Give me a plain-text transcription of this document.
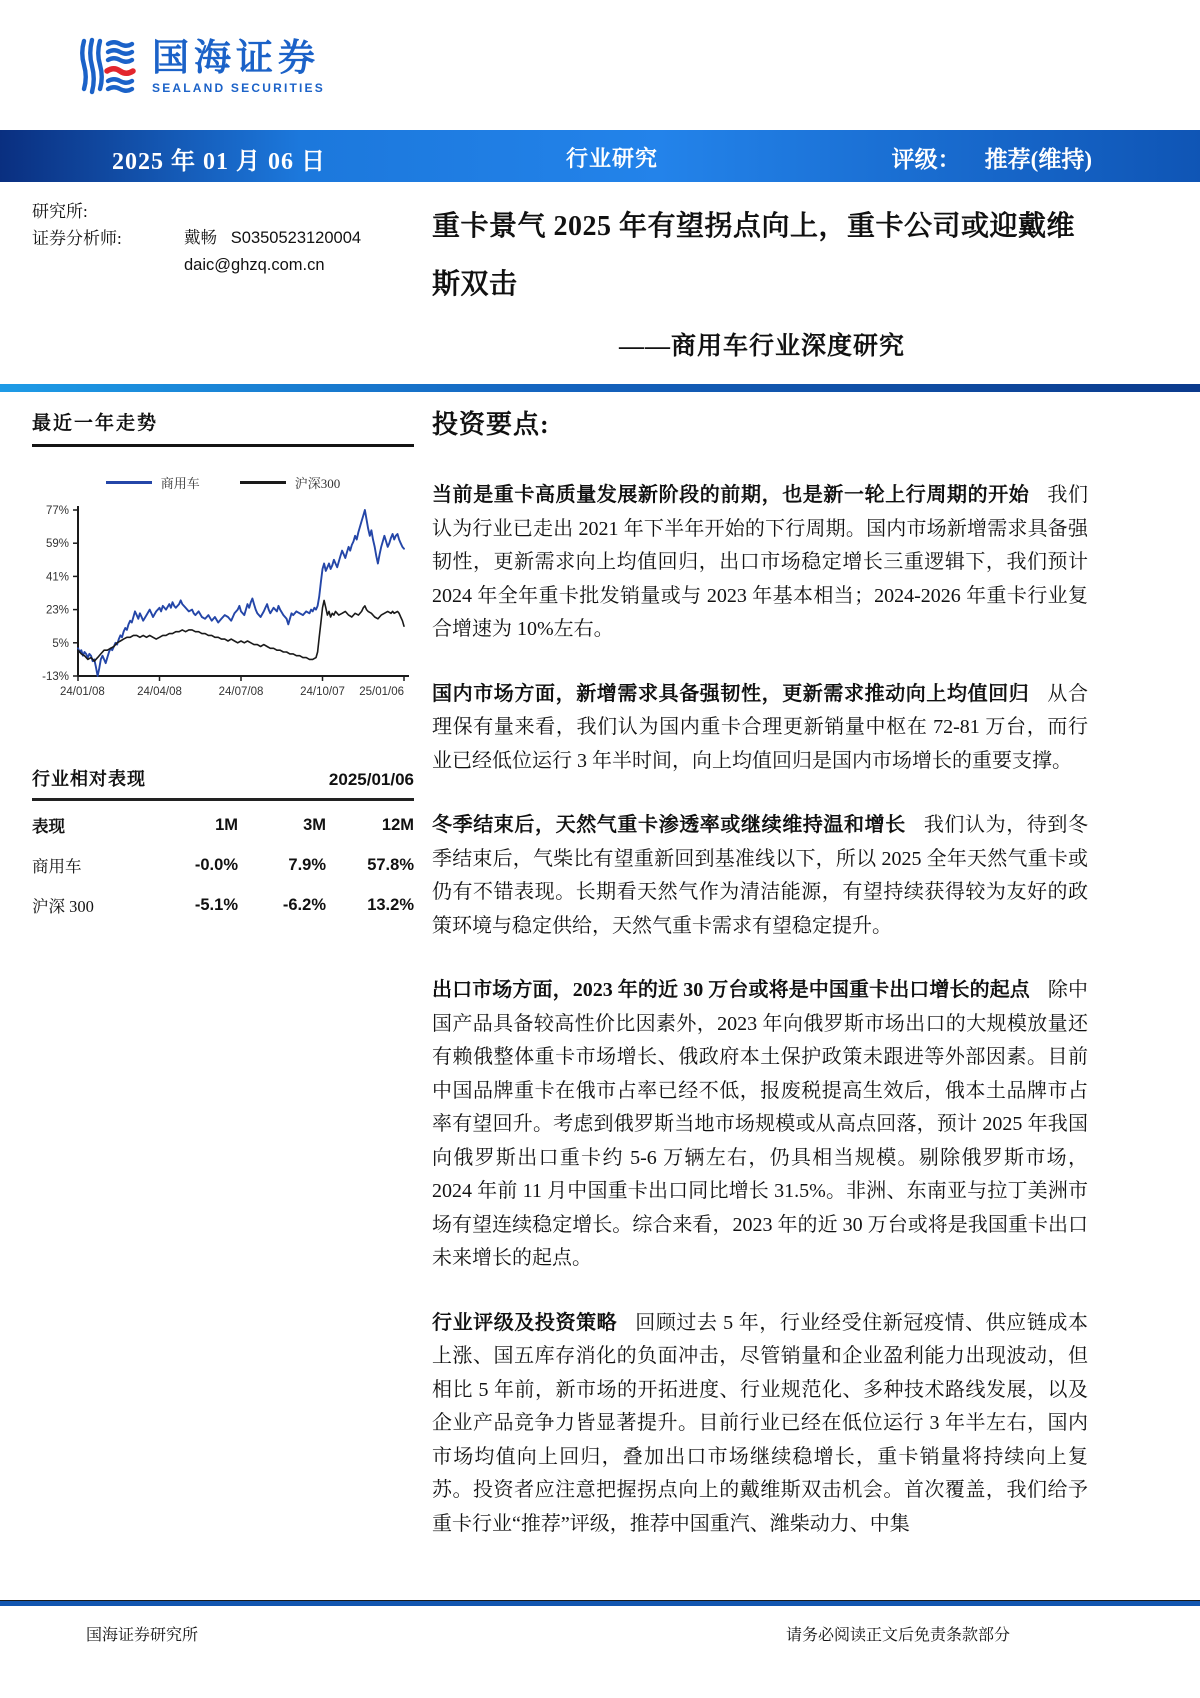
国海证券
SEALAND SECURITIES
2025 年 01 月 06 日	行业研究	评级： 推荐(维持)
研究所:
证券分析师:	戴畅 S0350523120004
daic@ghzq.com.cn
重卡景气 2025 年有望拐点向上，重卡公司或迎戴维斯双击
——商用车行业深度研究
最近一年走势
商用车	沪深300
77%
59%
41%
23%
5%
-13%
24/01/08	24/04/08	24/07/08	24/10/07 25/01/06
行业相对表现	2025/01/06
表现	1M	3M	12M
商用车	-0.0%	7.9%	57.8%
沪深 300	-5.1%	-6.2%	13.2%

投资要点:

当前是重卡高质量发展新阶段的前期，也是新一轮上行周期的开始 我们认为行业已走出 2021 年下半年开始的下行周期。国内市场新增需求具备强韧性，更新需求向上均值回归，出口市场稳定增长三重逻辑下，我们预计 2024 年全年重卡批发销量或与 2023 年基本相当；2024-2026 年重卡行业复合增速为 10%左右。

国内市场方面，新增需求具备强韧性，更新需求推动向上均值回归 从合理保有量来看，我们认为国内重卡合理更新销量中枢在 72-81 万台，而行业已经低位运行 3 年半时间，向上均值回归是国内市场增长的重要支撑。

冬季结束后，天然气重卡渗透率或继续维持温和增长 我们认为，待到冬季结束后，气柴比有望重新回到基准线以下，所以 2025 全年天然气重卡或仍有不错表现。长期看天然气作为清洁能源，有望持续获得较为友好的政策环境与稳定供给，天然气重卡需求有望稳定提升。

出口市场方面，2023 年的近 30 万台或将是中国重卡出口增长的起点 除中国产品具备较高性价比因素外，2023 年向俄罗斯市场出口的大规模放量还有赖俄整体重卡市场增长、俄政府本土保护政策未跟进等外部因素。目前中国品牌重卡在俄市占率已经不低，报废税提高生效后，俄本土品牌市占率有望回升。考虑到俄罗斯当地市场规模或从高点回落，预计 2025 年我国向俄罗斯出口重卡约 5-6 万辆左右，仍具相当规模。剔除俄罗斯市场，2024 年前 11 月中国重卡出口同比增长 31.5%。非洲、东南亚与拉丁美洲市场有望连续稳定增长。综合来看，2023 年的近 30 万台或将是我国重卡出口未来增长的起点。

行业评级及投资策略 回顾过去 5 年，行业经受住新冠疫情、供应链成本上涨、国五库存消化的负面冲击，尽管销量和企业盈利能力出现波动，但相比 5 年前，新市场的开拓进度、行业规范化、多种技术路线发展，以及企业产品竞争力皆显著提升。目前行业已经在低位运行 3 年半左右，国内市场均值向上回归，叠加出口市场继续稳增长，重卡销量将持续向上复苏。投资者应注意把握拐点向上的戴维斯双击机会。首次覆盖，我们给予重卡行业“推荐”评级，推荐中国重汽、潍柴动力、中集

国海证券研究所	请务必阅读正文后免责条款部分
